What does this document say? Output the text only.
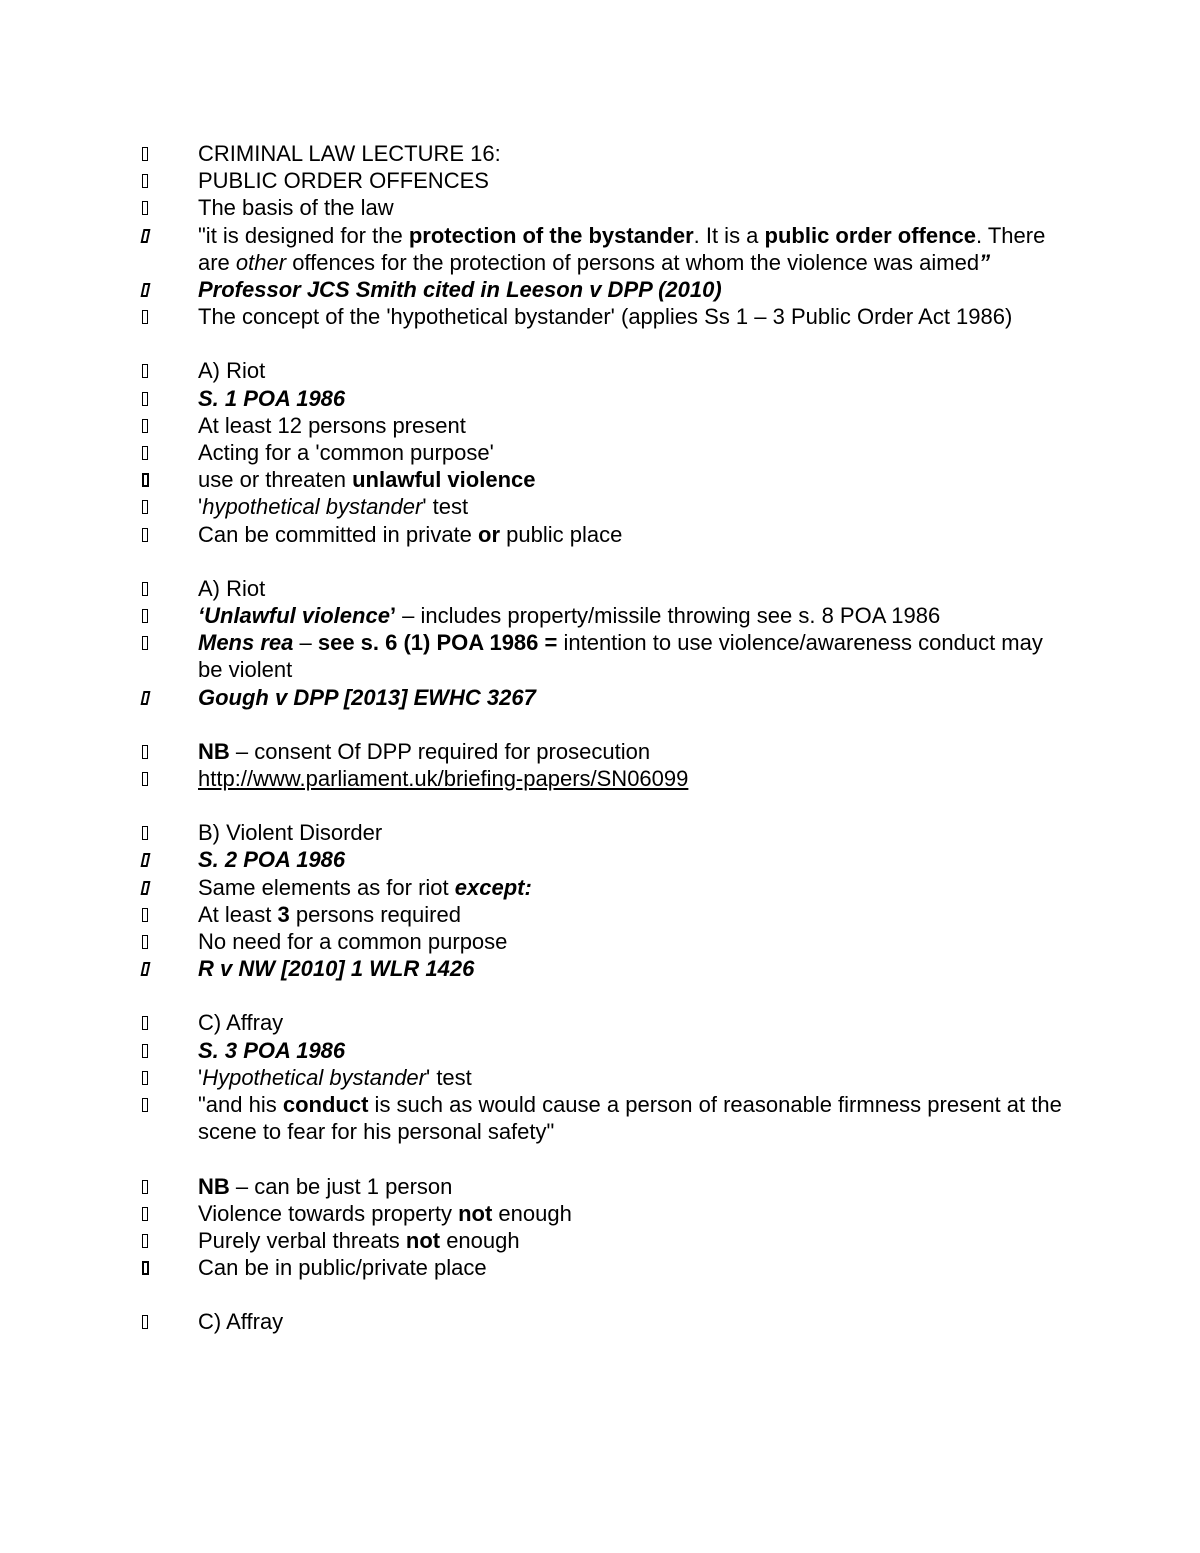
CRIMINAL LAW LECTURE 16:
PUBLIC ORDER OFFENCES
The basis of the law
"it is designed for the protection of the bystander. It is a public order offence. There are other offences for the protection of persons at whom the violence was aimed”
Professor JCS Smith cited in Leeson v DPP (2010)
The concept of the 'hypothetical bystander' (applies Ss 1 – 3 Public Order Act 1986)
A) Riot
S. 1 POA 1986
At least 12 persons present
Acting for a 'common purpose'
use or threaten unlawful violence
'hypothetical bystander' test
Can be committed in private or public place
A) Riot
‘Unlawful violence’ – includes property/missile throwing see s. 8 POA 1986
Mens rea – see s. 6 (1) POA 1986 = intention to use violence/awareness conduct may be violent
Gough v DPP [2013] EWHC 3267
NB – consent Of DPP required for prosecution
http://www.parliament.uk/briefing-papers/SN06099
B) Violent Disorder
S. 2 POA 1986
Same elements as for riot except:
At least 3 persons required
No need for a common purpose
R v NW [2010] 1 WLR 1426
C) Affray
S. 3 POA 1986
'Hypothetical bystander' test
"and his conduct is such as would cause a person of reasonable firmness present at the scene to fear for his personal safety"
NB – can be just 1 person
Violence towards property not enough
Purely verbal threats not enough
Can be in public/private place
C) Affray
